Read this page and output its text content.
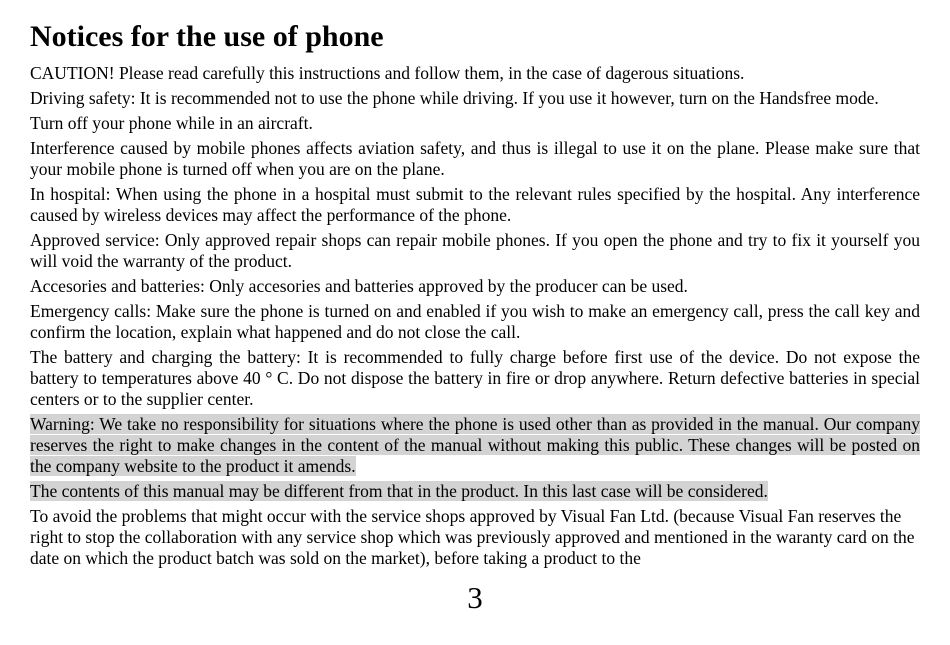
Notices for the use of phone

CAUTION! Please read carefully this instructions and follow them, in the case of dagerous situations.

Driving safety: It is recommended not to use the phone while driving. If you use it however, turn on the Handsfree mode.

Turn off your phone while in an aircraft.

Interference caused by mobile phones affects aviation safety, and thus is illegal to use it on the plane. Please make sure that your mobile phone is turned off when you are on the plane.

In hospital: When using the phone in a hospital must submit to the relevant rules specified by the hospital. Any interference caused by wireless devices may affect the performance of the phone.

Approved service: Only approved repair shops can repair mobile phones. If you open the phone and try to fix it yourself you will void the warranty of the product.

Accesories and batteries: Only accesories and batteries approved by the producer can be used.

Emergency calls: Make sure the phone is turned on and enabled if you wish to make an emergency call, press the call key and confirm the location, explain what happened and do not close the call.

The battery and charging the battery: It is recommended to fully charge before first use of the device. Do not expose the battery to temperatures above 40 ° C. Do not dispose the battery in fire or drop anywhere. Return defective batteries in special centers or to the supplier center.

Warning: We take no responsibility for situations where the phone is used other than as provided in the manual. Our company reserves the right to make changes in the content of the manual without making this public. These changes will be posted on the company website to the product it amends.

The contents of this manual may be different from that in the product. In this last case will be considered.

To avoid the problems that might occur with the service shops approved by Visual Fan Ltd. (because Visual Fan reserves the right to stop the collaboration with any service shop which was previously approved and mentioned in the waranty card on the date on which the product batch was sold on the market), before taking a product to the

3
